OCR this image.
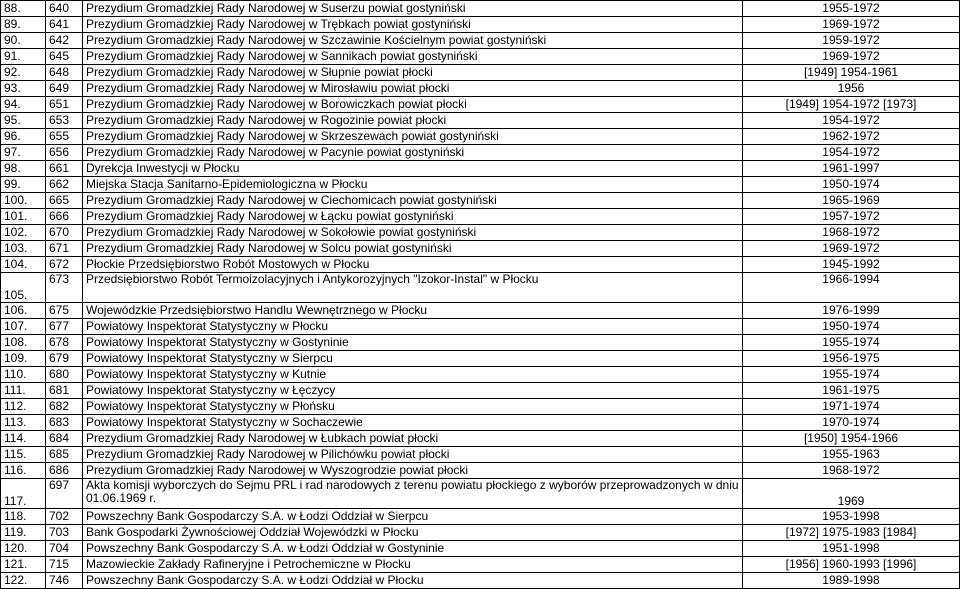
88.	640	Prezydium Gromadzkiej Rady Narodowej w Suserzu powiat gostyniński	1955-1972
89.	641	Prezydium Gromadzkiej Rady Narodowej w Trębkach powiat gostyniński	1969-1972
90.	642	Prezydium Gromadzkiej Rady Narodowej w Szczawinie Kościelnym powiat gostyniński	1959-1972
91.	645	Prezydium Gromadzkiej Rady Narodowej w Sannikach powiat gostyniński	1969-1972
92.	648	Prezydium Gromadzkiej Rady Narodowej w Słupnie powiat płocki	[1949] 1954-1961
93.	649	Prezydium Gromadzkiej Rady Narodowej w Mirosławiu powiat płocki	1956
94.	651	Prezydium Gromadzkiej Rady Narodowej w Borowiczkach powiat płocki	[1949] 1954-1972 [1973]
95.	653	Prezydium Gromadzkiej Rady Narodowej w Rogozinie powiat płocki	1954-1972
96.	655	Prezydium Gromadzkiej Rady Narodowej w Skrzeszewach powiat gostyniński	1962-1972
97.	656	Prezydium Gromadzkiej Rady Narodowej w Pacynie powiat gostyniński	1954-1972
98.	661	Dyrekcja Inwestycji w Płocku	1961-1997
99.	662	Miejska Stacja Sanitarno-Epidemiologiczna w Płocku	1950-1974
100.	665	Prezydium Gromadzkiej Rady Narodowej w Ciechomicach powiat gostyniński	1965-1969
101.	666	Prezydium Gromadzkiej Rady Narodowej w Łącku powiat gostyniński	1957-1972
102.	670	Prezydium Gromadzkiej Rady Narodowej w Sokołowie powiat gostyniński	1968-1972
103.	671	Prezydium Gromadzkiej Rady Narodowej w Solcu powiat gostyniński	1969-1972
104.	672	Płockie Przedsiębiorstwo Robót Mostowych w Płocku	1945-1992
105.	673	Przedsiębiorstwo Robót Termoizolacyjnych i Antykorozyjnych "Izokor-Instal" w Płocku	1966-1994
106.	675	Wojewódzkie Przedsiębiorstwo Handlu Wewnętrznego w Płocku	1976-1999
107.	677	Powiatowy Inspektorat Statystyczny w Płocku	1950-1974
108.	678	Powiatowy Inspektorat Statystyczny w Gostyninie	1955-1974
109.	679	Powiatowy Inspektorat Statystyczny w Sierpcu	1956-1975
110.	680	Powiatowy Inspektorat Statystyczny w Kutnie	1955-1974
111.	681	Powiatowy Inspektorat Statystyczny w Łęczycy	1961-1975
112.	682	Powiatowy Inspektorat Statystyczny w Płońsku	1971-1974
113.	683	Powiatowy Inspektorat Statystyczny w Sochaczewie	1970-1974
114.	684	Prezydium Gromadzkiej Rady Narodowej w Łubkach powiat płocki	[1950] 1954-1966
115.	685	Prezydium Gromadzkiej Rady Narodowej w Pilichówku powiat płocki	1955-1963
116.	686	Prezydium Gromadzkiej Rady Narodowej w Wyszogrodzie powiat płocki	1968-1972
117.	697	Akta komisji wyborczych do Sejmu PRL i rad narodowych z terenu powiatu płockiego z wyborów przeprowadzonych w dniu 01.06.1969 r.	1969
118.	702	Powszechny Bank Gospodarczy S.A. w Łodzi Oddział w Sierpcu	1953-1998
119.	703	Bank Gospodarki Żywnościowej Oddział Wojewódzki w Płocku	[1972] 1975-1983 [1984]
120.	704	Powszechny Bank Gospodarczy S.A. w Łodzi Oddział w Gostyninie	1951-1998
121.	715	Mazowieckie Zakłady Rafineryjne i Petrochemiczne w Płocku	[1956] 1960-1993 [1996]
122.	746	Powszechny Bank Gospodarczy S.A. w Łodzi Oddział w Płocku	1989-1998
